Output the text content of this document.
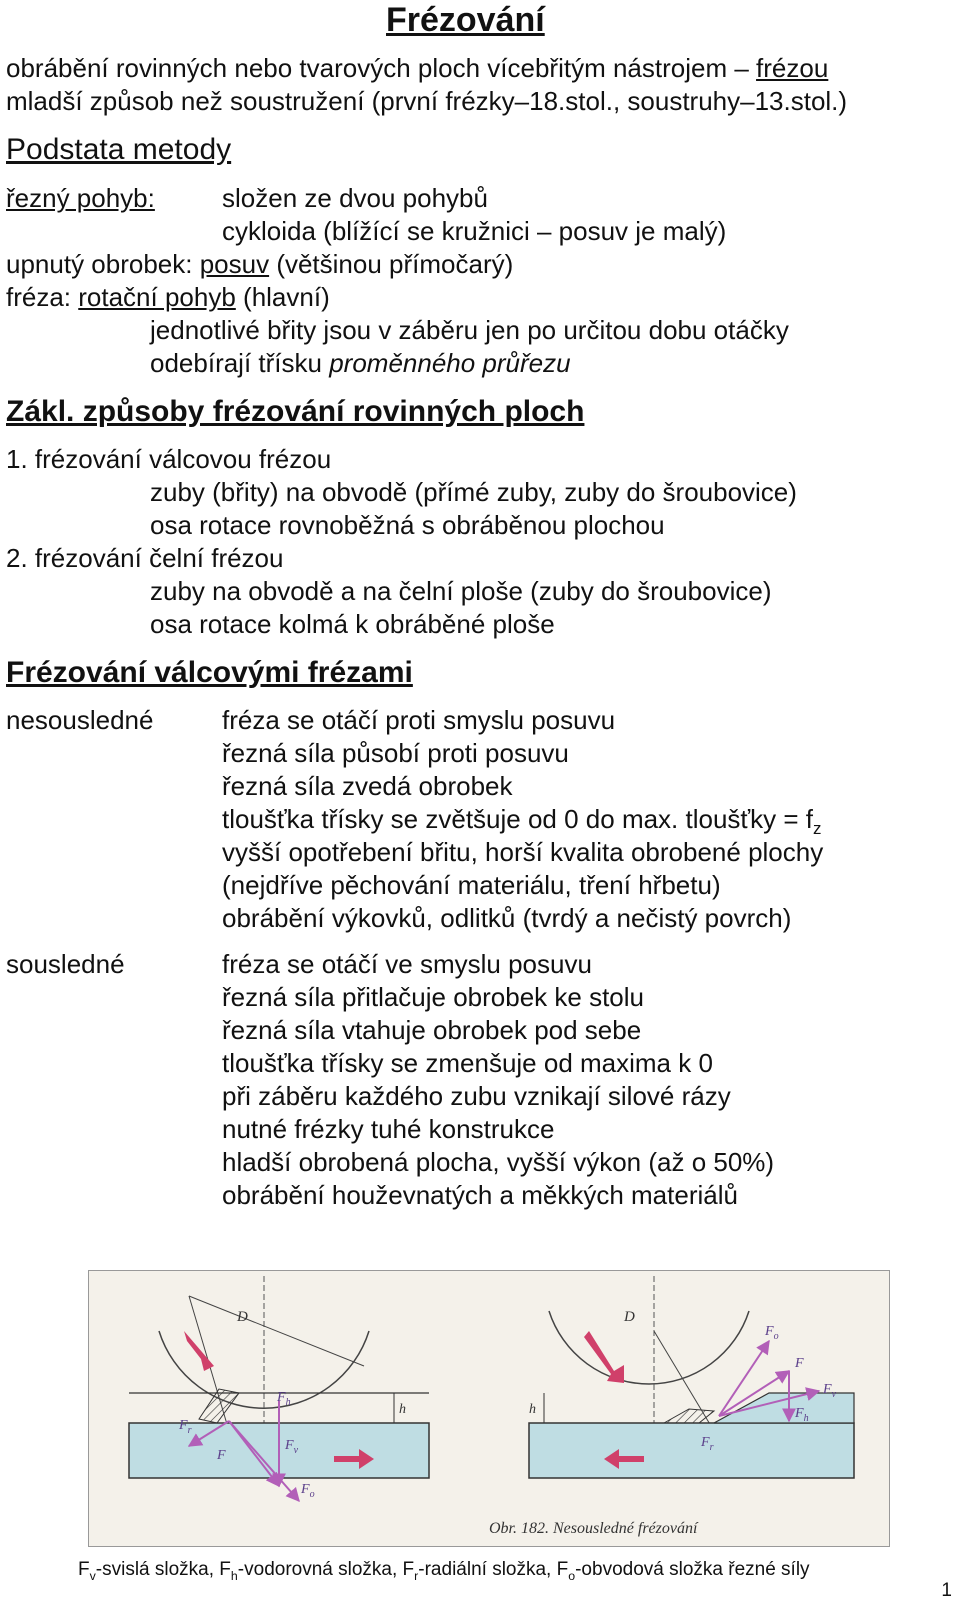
Frézování
obrábění rovinných nebo tvarových ploch vícebřitým nástrojem – frézou
mladší způsob než soustružení (první frézky–18.stol., soustruhy–13.stol.)
Podstata metody
řezný pohyb:	složen ze dvou pohybů
cykloida (blížící se kružnici – posuv je malý)
upnutý obrobek: posuv (většinou přímočarý)
fréza: rotační pohyb (hlavní)
jednotlivé břity jsou v záběru jen po určitou dobu otáčky
odebírají třísku proměnného průřezu
Zákl. způsoby frézování rovinných ploch
1. frézování válcovou frézou
zuby (břity) na obvodě (přímé zuby, zuby do šroubovice)
osa rotace rovnoběžná s obráběnou plochou
2. frézování čelní frézou
zuby na obvodě a na čelní ploše (zuby do šroubovice)
osa rotace kolmá k obráběné ploše
Frézování válcovými frézami
nesousledné	fréza se otáčí proti smyslu posuvu
řezná síla působí proti posuvu
řezná síla zvedá obrobek
tloušťka třísky se zvětšuje od 0 do max. tloušťky = $f_z$
vyšší opotřebení břitu, horší kvalita obrobené plochy
(nejdříve pěchování materiálu, tření hřbetu)
obrábění výkovků, odlitků (tvrdý a nečistý povrch)
sousledné	fréza se otáčí ve smyslu posuvu
řezná síla přitlačuje obrobek ke stolu
řezná síla vtahuje obrobek pod sebe
tloušťka třísky se zmenšuje od maxima k 0
při záběru každého zubu vznikají silové rázy
nutné frézky tuhé konstrukce
hladší obrobená plocha, vyšší výkon (až o 50%)
obrábění houževnatých a měkkých materiálů
D
h
$F_h$
$F_r$
F
$F_v$
$F_o$
D
h
$F_o$
F
$F_v$
$F_h$
$F_r$
Obr. 182. Nesousledné frézování
$F_v$-svislá složka, $F_h$-vodorovná složka, $F_r$-radiální složka, $F_o$-obvodová složka řezné síly
1
